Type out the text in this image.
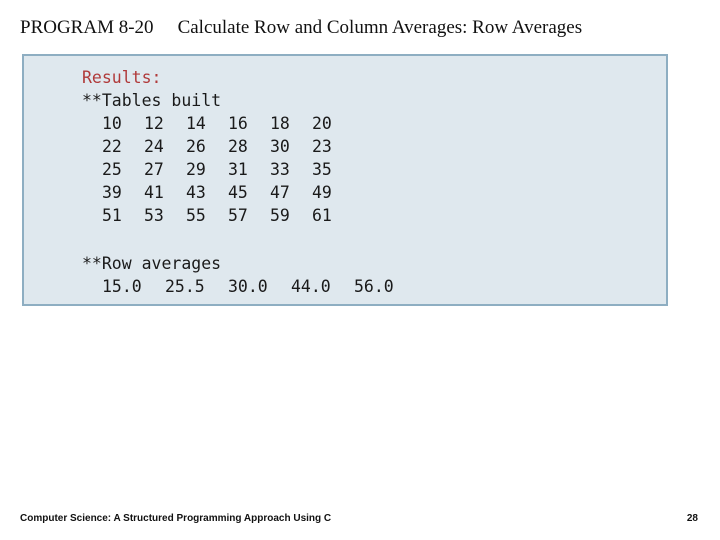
PROGRAM 8-20 Calculate Row and Column Averages: Row Averages
Results:
**Tables built
10	12	14	16	18	20
22	24	26	28	30	23
25	27	29	31	33	35
39	41	43	45	47	49
51	53	55	57	59	61
**Row averages
15.0	25.5	30.0	44.0	56.0
Computer Science: A Structured Programming Approach Using C	28
